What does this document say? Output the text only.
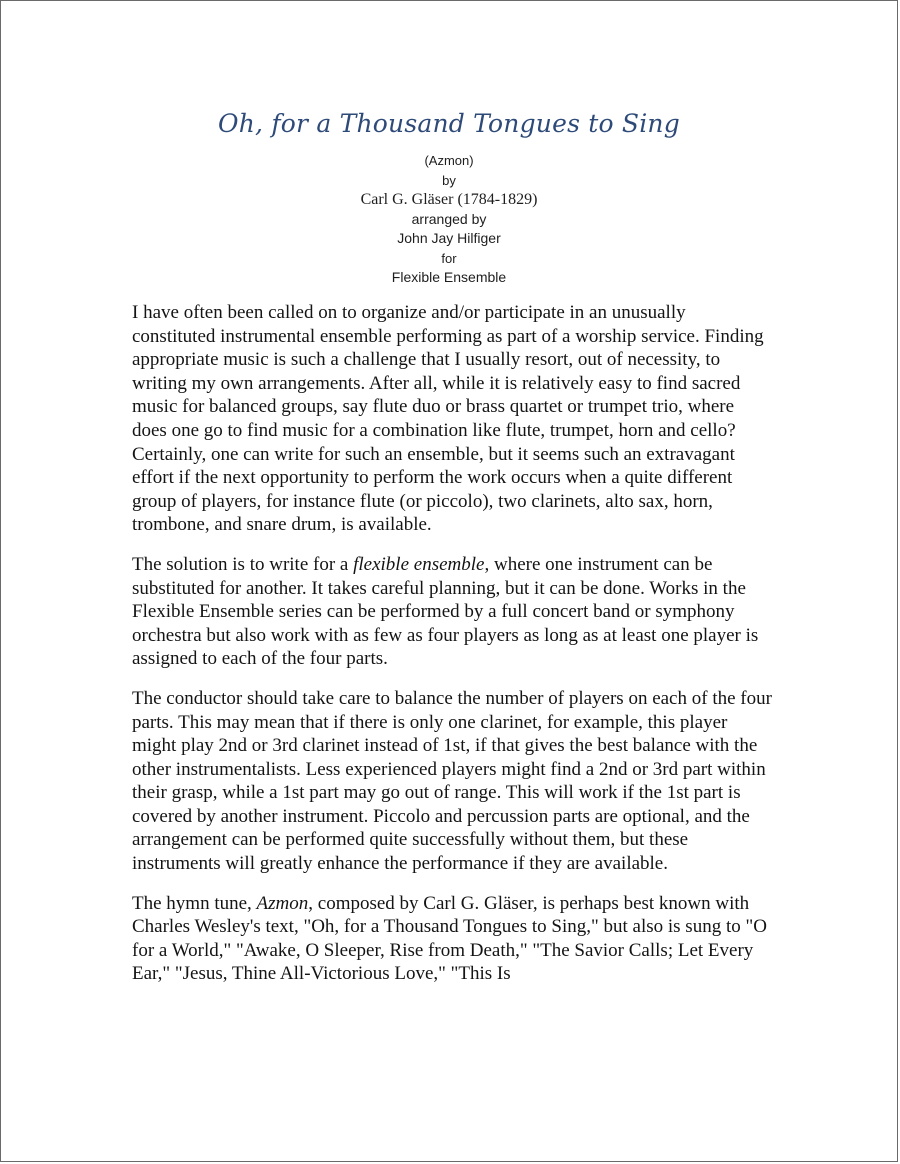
Oh, for a Thousand Tongues to Sing
(Azmon)
by
Carl G. Gläser (1784-1829)
arranged by
John Jay Hilfiger
for
Flexible Ensemble

I have often been called on to organize and/or participate in an unusually constituted instrumental ensemble performing as part of a worship service. Finding appropriate music is such a challenge that I usually resort, out of necessity, to writing my own arrangements. After all, while it is relatively easy to find sacred music for balanced groups, say flute duo or brass quartet or trumpet trio, where does one go to find music for a combination like flute, trumpet, horn and cello? Certainly, one can write for such an ensemble, but it seems such an extravagant effort if the next opportunity to perform the work occurs when a quite different group of players, for instance flute (or piccolo), two clarinets, alto sax, horn, trombone, and snare drum, is available.

The solution is to write for a flexible ensemble, where one instrument can be substituted for another. It takes careful planning, but it can be done. Works in the Flexible Ensemble series can be performed by a full concert band or symphony orchestra but also work with as few as four players as long as at least one player is assigned to each of the four parts.

The conductor should take care to balance the number of players on each of the four parts. This may mean that if there is only one clarinet, for example, this player might play 2nd or 3rd clarinet instead of 1st, if that gives the best balance with the other instrumentalists. Less experienced players might find a 2nd or 3rd part within their grasp, while a 1st part may go out of range. This will work if the 1st part is covered by another instrument. Piccolo and percussion parts are optional, and the arrangement can be performed quite successfully without them, but these instruments will greatly enhance the performance if they are available.

The hymn tune, Azmon, composed by Carl G. Gläser, is perhaps best known with Charles Wesley's text, "Oh, for a Thousand Tongues to Sing," but also is sung to "O for a World," "Awake, O Sleeper, Rise from Death," "The Savior Calls; Let Every Ear," "Jesus, Thine All-Victorious Love," "This Is
